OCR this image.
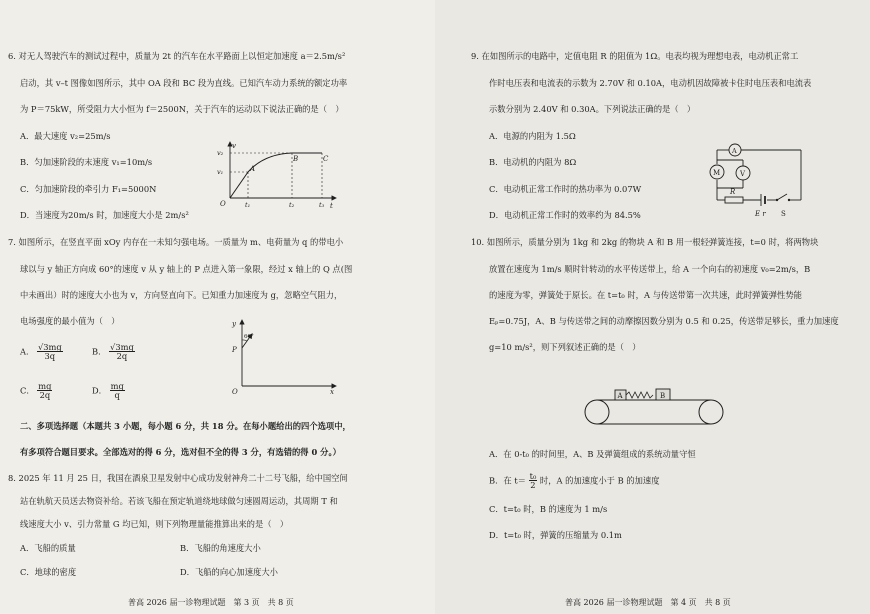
6. 对无人驾驶汽车的测试过程中，质量为 2t 的汽车在水平路面上以恒定加速度 a＝2.5m/s²
启动，其 v–t 图像如图所示，其中 OA 段和 BC 段为直线。已知汽车动力系统的额定功率
为 P＝75kW，所受阻力大小恒为 f＝2500N，关于汽车的运动以下说法正确的是（　）
A．最大速度 v₂=25m/s
B．匀加速阶段的末速度 v₁=10m/s
C．匀加速阶段的牵引力 F₁=5000N
D．当速度为20m/s 时，加速度大小是 2m/s²
v
t
v₂
v₁
O
A
B	C
t₁	t₂	t₃
7. 如图所示，在竖直平面 xOy 内存在一未知匀强电场。一质量为 m、电荷量为 q 的带电小
球以与 y 轴正方向成 60°的速度 v 从 y 轴上的 P 点进入第一象限，经过 x 轴上的 Q 点(图
中未画出）时的速度大小也为 v，方向竖直向下。已知重力加速度为 g，忽略空气阻力，
电场强度的最小值为（　）
A． $\frac{√3mg}{3q}$	B． $\frac{√3mg}{2q}$
C． $\frac{mg}{2q}$	D． $\frac{mg}{q}$
y
x
P
O
60°
二、多项选择题（本题共 3 小题，每小题 6 分，共 18 分。在每小题给出的四个选项中，
有多项符合题目要求。全部选对的得 6 分，选对但不全的得 3 分，有选错的得 0 分。）
8. 2025 年 11 月 25 日，我国在酒泉卫星发射中心成功发射神舟二十二号飞船，给中国空间
站在轨航天员送去物资补给。若该飞船在预定轨道绕地球做匀速圆周运动，其周期 T 和
线速度大小 v、引力常量 G 均已知，则下列物理量能推算出来的是（　）
A．飞船的质量	B．飞船的角速度大小
C．地球的密度	D．飞船的向心加速度大小
普高 2026 届一诊物理试题　第 3 页　共 8 页
9. 在如图所示的电路中，定值电阻 R 的阻值为 1Ω。电表均视为理想电表，电动机正常工
作时电压表和电流表的示数为 2.70V 和 0.10A，电动机因故障被卡住时电压表和电流表
示数分别为 2.40V 和 0.30A。下列说法正确的是（　）
A．电源的内阻为 1.5Ω
B．电动机的内阻为 8Ω
C．电动机正常工作时的热功率为 0.07W
D．电动机正常工作时的效率约为 84.5%
A
M	V
R
E r S
10. 如图所示，质量分别为 1kg 和 2kg 的物块 A 和 B 用一根轻弹簧连接，t=0 时，将两物块
放置在速度为 1m/s 顺时针转动的水平传送带上，给 A 一个向右的初速度 v₀=2m/s，B
的速度为零，弹簧处于原长。在 t=t₀ 时，A 与传送带第一次共速，此时弹簧弹性势能
Eₚ=0.75J，A、B 与传送带之间的动摩擦因数分别为 0.5 和 0.25，传送带足够长，重力加速度
g=10 m/s²，则下列叙述正确的是（　）
A	B
A．在 0-t₀ 的时间里，A、B 及弹簧组成的系统动量守恒
B．在 $t= \frac{\text{t₀}}{2}$ 时，A 的加速度小于 B 的加速度
C．t=t₀ 时，B 的速度为 1 m/s
D．t=t₀ 时，弹簧的压缩量为 0.1m
普高 2026 届一诊物理试题　第 4 页　共 8 页
